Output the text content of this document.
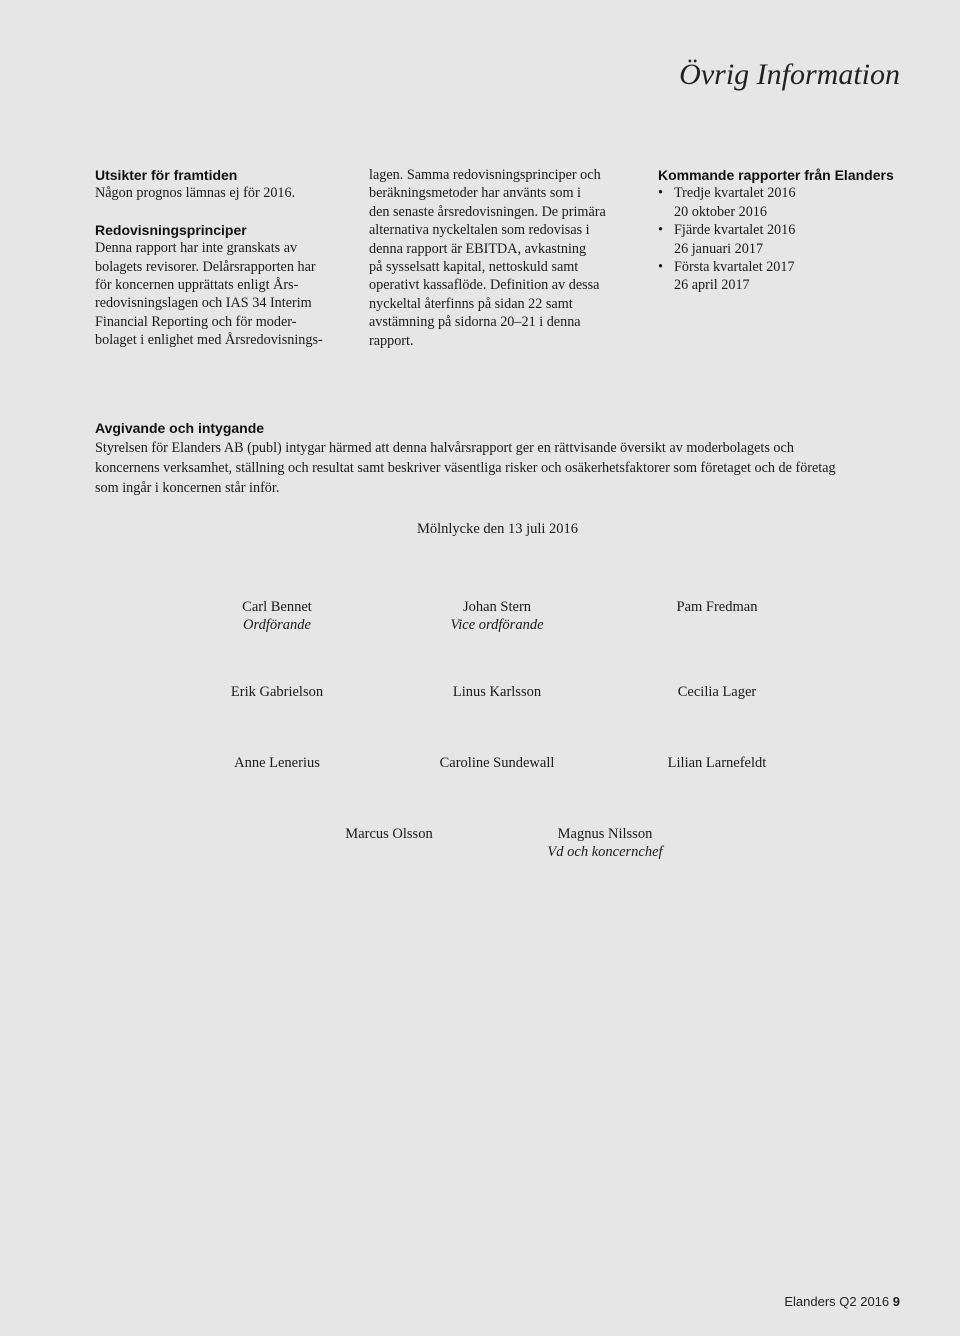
Övrig Information

Utsikter för framtiden

Någon prognos lämnas ej för 2016.

Redovisningsprinciper

Denna rapport har inte granskats av

bolagets revisorer. Delårsrapporten har

för koncernen upprättats enligt Års-

redovisningslagen och IAS 34 Interim

Financial Reporting och för moder-

bolaget i enlighet med Årsredovisnings-

lagen. Samma redovisningsprinciper och

beräkningsmetoder har använts som i

den senaste årsredovisningen. De primära

alternativa nyckeltalen som redovisas i

denna rapport är EBITDA, avkastning

på sysselsatt kapital, nettoskuld samt

operativt kassaflöde. Definition av dessa

nyckeltal återfinns på sidan 22 samt

avstämning på sidorna 20–21 i denna

rapport.

Kommande rapporter från Elanders

• Tredje kvartalet 2016
20 oktober 2016
• Fjärde kvartalet 2016
26 januari 2017
• Första kvartalet 2017
26 april 2017

Avgivande och intygande

Styrelsen för Elanders AB (publ) intygar härmed att denna halvårsrapport ger en rättvisande översikt av moderbolagets och

koncernens verksamhet, ställning och resultat samt beskriver väsentliga risker och osäkerhetsfaktorer som företaget och de företag

som ingår i koncernen står inför.

Mölnlycke den 13 juli 2016
Carl Bennet
Ordförande
Johan Stern
Vice ordförande
Pam Fredman
Erik Gabrielson	Linus Karlsson	Cecilia Lager
Anne Lenerius	Caroline Sundewall	Lilian Larnefeldt
Marcus Olsson	Magnus Nilsson
Vd och koncernchef
Elanders Q2 2016 9
